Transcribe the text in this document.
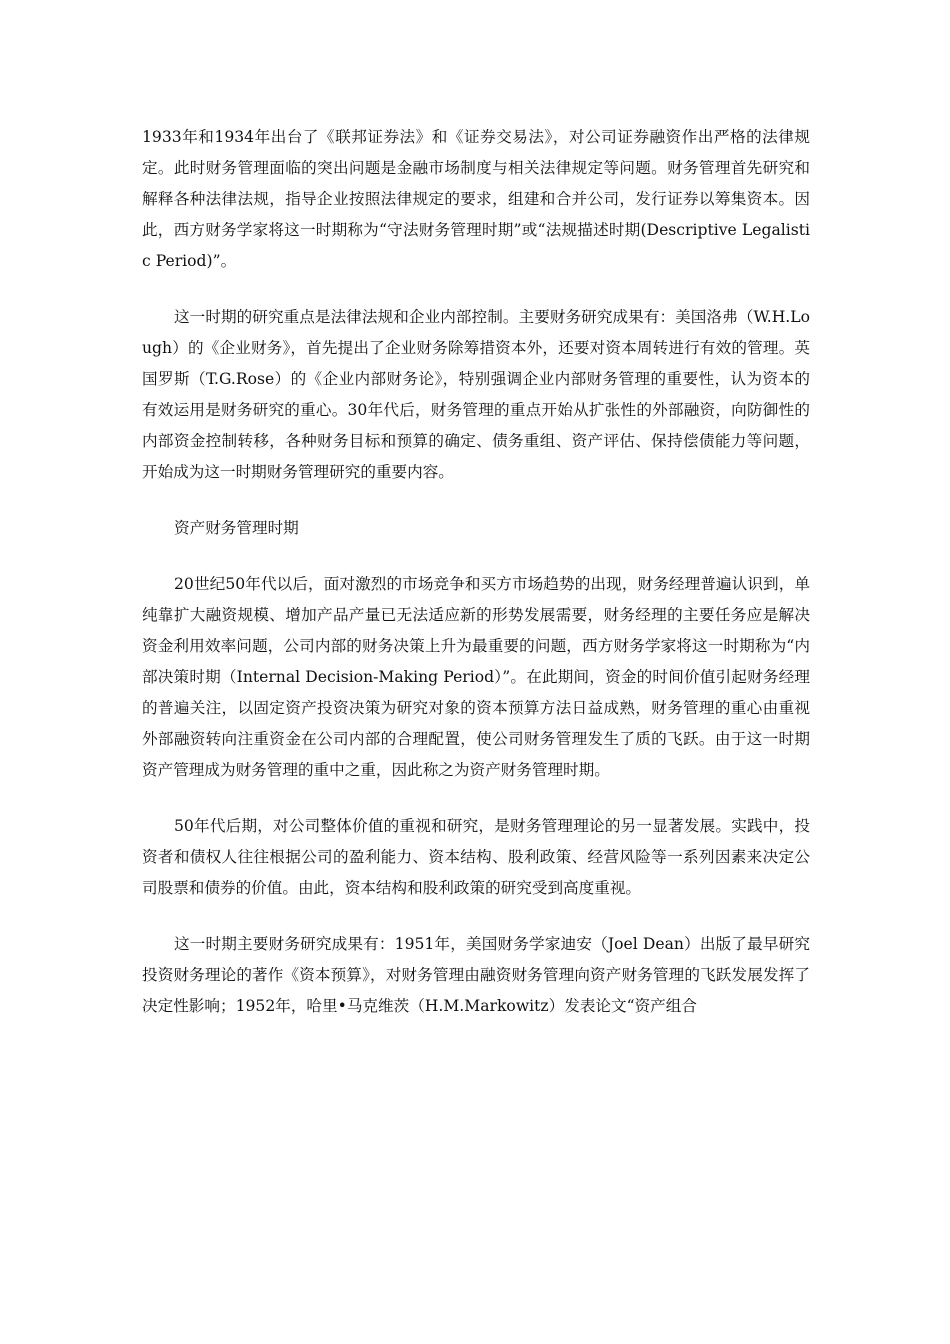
1933年和1934年出台了《联邦证券法》和《证券交易法》，对公司证券融资作出严格的法律规定。此时财务管理面临的突出问题是金融市场制度与相关法律规定等问题。财务管理首先研究和解释各种法律法规，指导企业按照法律规定的要求，组建和合并公司，发行证券以筹集资本。因此，西方财务学家将这一时期称为“守法财务管理时期”或“法规描述时期(Descriptive Legalistic Period)”。

这一时期的研究重点是法律法规和企业内部控制。主要财务研究成果有：美国洛弗（W.H.Lough）的《企业财务》，首先提出了企业财务除筹措资本外，还要对资本周转进行有效的管理。英国罗斯（T.G.Rose）的《企业内部财务论》，特别强调企业内部财务管理的重要性，认为资本的有效运用是财务研究的重心。30年代后，财务管理的重点开始从扩张性的外部融资，向防御性的内部资金控制转移，各种财务目标和预算的确定、债务重组、资产评估、保持偿债能力等问题，开始成为这一时期财务管理研究的重要内容。

资产财务管理时期

20世纪50年代以后，面对激烈的市场竞争和买方市场趋势的出现，财务经理普遍认识到，单纯靠扩大融资规模、增加产品产量已无法适应新的形势发展需要，财务经理的主要任务应是解决资金利用效率问题，公司内部的财务决策上升为最重要的问题，西方财务学家将这一时期称为“内部决策时期（Internal Decision-Making Period）”。在此期间，资金的时间价值引起财务经理的普遍关注，以固定资产投资决策为研究对象的资本预算方法日益成熟，财务管理的重心由重视外部融资转向注重资金在公司内部的合理配置，使公司财务管理发生了质的飞跃。由于这一时期资产管理成为财务管理的重中之重，因此称之为资产财务管理时期。

50年代后期，对公司整体价值的重视和研究，是财务管理理论的另一显著发展。实践中，投资者和债权人往往根据公司的盈利能力、资本结构、股利政策、经营风险等一系列因素来决定公司股票和债券的价值。由此，资本结构和股利政策的研究受到高度重视。

这一时期主要财务研究成果有：1951年，美国财务学家迪安（Joel Dean）出版了最早研究投资财务理论的著作《资本预算》，对财务管理由融资财务管理向资产财务管理的飞跃发展发挥了决定性影响；1952年，哈里•马克维茨（H.M.Markowitz）发表论文“资产组合
